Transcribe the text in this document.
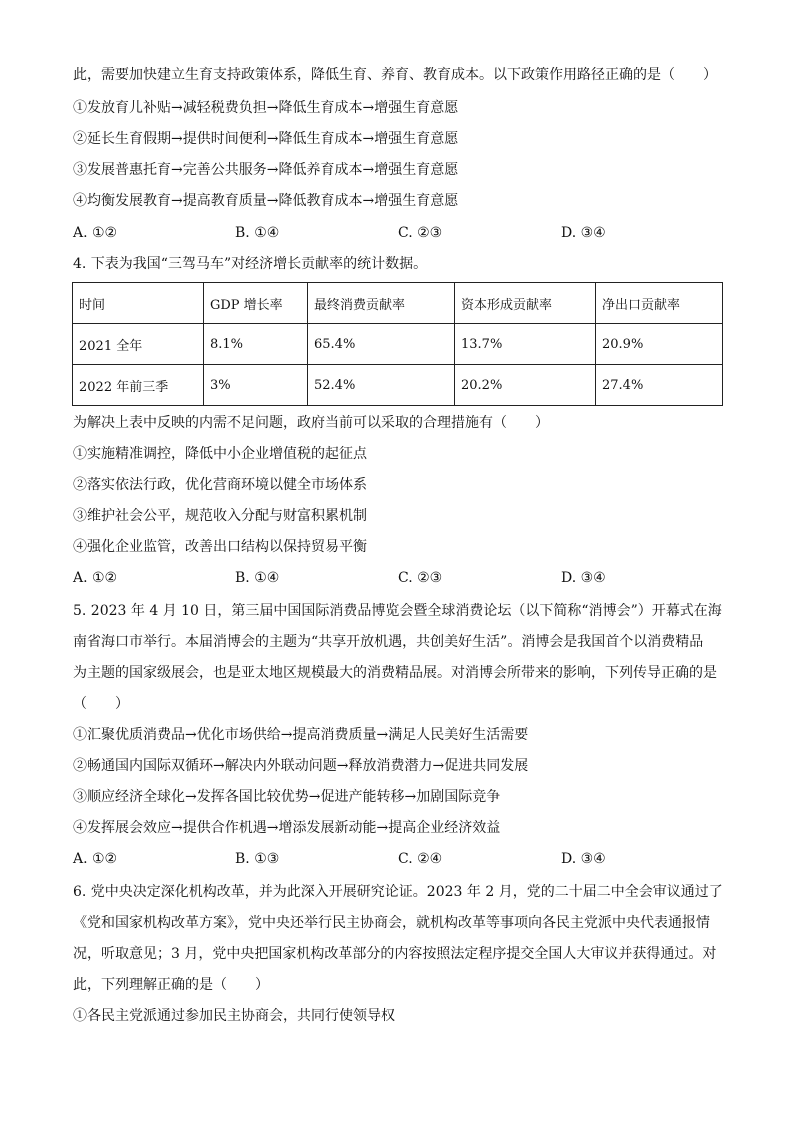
此，需要加快建立生育支持政策体系，降低生育、养育、教育成本。以下政策作用路径正确的是（　　）
①发放育儿补贴→减轻税费负担→降低生育成本→增强生育意愿
②延长生育假期→提供时间便利→降低生育成本→增强生育意愿
③发展普惠托育→完善公共服务→降低养育成本→增强生育意愿
④均衡发展教育→提高教育质量→降低教育成本→增强生育意愿
A. ①②	B. ①④	C. ②③	D. ③④
4. 下表为我国“三驾马车”对经济增长贡献率的统计数据。
时间	GDP 增长率	最终消费贡献率	资本形成贡献率	净出口贡献率
2021 全年	8.1%	65.4%	13.7%	20.9%
2022 年前三季	3%	52.4%	20.2%	27.4%
为解决上表中反映的内需不足问题，政府当前可以采取的合理措施有（　　）
①实施精准调控，降低中小企业增值税的起征点
②落实依法行政，优化营商环境以健全市场体系
③维护社会公平，规范收入分配与财富积累机制
④强化企业监管，改善出口结构以保持贸易平衡
A. ①②	B. ①④	C. ②③	D. ③④
5. 2023 年 4 月 10 日，第三届中国国际消费品博览会暨全球消费论坛（以下简称“消博会”）开幕式在海
南省海口市举行。本届消博会的主题为“共享开放机遇，共创美好生活”。消博会是我国首个以消费精品
为主题的国家级展会，也是亚太地区规模最大的消费精品展。对消博会所带来的影响，下列传导正确的是
（　　）
①汇聚优质消费品→优化市场供给→提高消费质量→满足人民美好生活需要
②畅通国内国际双循环→解决内外联动问题→释放消费潜力→促进共同发展
③顺应经济全球化→发挥各国比较优势→促进产能转移→加剧国际竞争
④发挥展会效应→提供合作机遇→增添发展新动能→提高企业经济效益
A. ①②	B. ①③	C. ②④	D. ③④
6. 党中央决定深化机构改革，并为此深入开展研究论证。2023 年 2 月，党的二十届二中全会审议通过了
《党和国家机构改革方案》，党中央还举行民主协商会，就机构改革等事项向各民主党派中央代表通报情
况，听取意见；3 月，党中央把国家机构改革部分的内容按照法定程序提交全国人大审议并获得通过。对
此，下列理解正确的是（　　）
①各民主党派通过参加民主协商会，共同行使领导权
